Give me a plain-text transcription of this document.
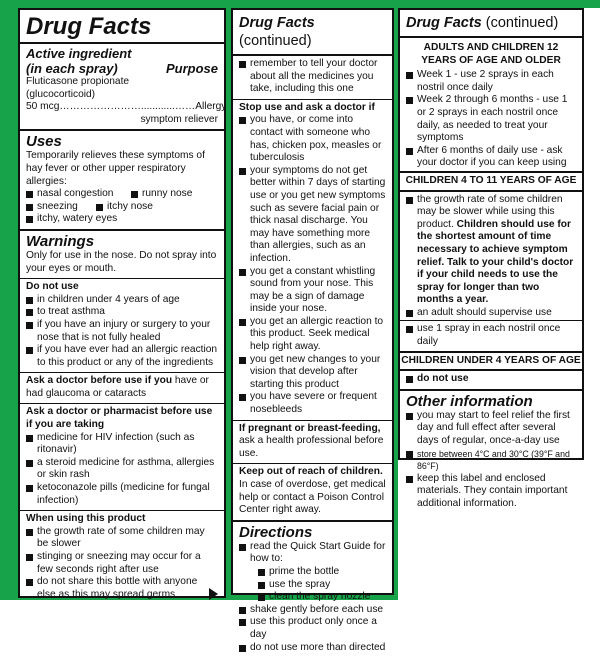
Drug Facts
Active ingredient
(in each spray)	Purpose
Fluticasone propionate
(glucocorticoid)
50 mcg……………………............……Allergy
symptom reliever
Uses
Temporarily relieves these symptoms of hay fever or other upper respiratory allergies:
nasal congestion	runny nose
sneezing	itchy nose
itchy, watery eyes
Warnings
Only for use in the nose. Do not spray into your eyes or mouth.
Do not use
in children under 4 years of age
to treat asthma
if you have an injury or surgery to your nose that is not fully healed
if you have ever had an allergic reaction to this product or any of the ingredients
Ask a doctor before use if you have or had glaucoma or cataracts
Ask a doctor or pharmacist before use if you are taking
medicine for HIV infection (such as ritonavir)
a steroid medicine for asthma, allergies or skin rash
ketoconazole pills (medicine for fungal infection)
When using this product
the growth rate of some children may be slower
stinging or sneezing may occur for a few seconds right after use
do not share this bottle with anyone else as this may spread germs
Drug Facts (continued)
remember to tell your doctor about all the medicines you take, including this one
Stop use and ask a doctor if
you have, or come into contact with someone who has, chicken pox, measles or tuberculosis
your symptoms do not get better within 7 days of starting use or you get new symptoms such as severe facial pain or thick nasal discharge. You may have something more than allergies, such as an infection.
you get a constant whistling sound from your nose. This may be a sign of damage inside your nose.
you get an allergic reaction to this product. Seek medical help right away.
you get new changes to your vision that develop after starting this product
you have severe or frequent nosebleeds
If pregnant or breast-feeding, ask a health professional before use.
Keep out of reach of children. In case of overdose, get medical help or contact a Poison Control Center right away.
Directions
read the Quick Start Guide for how to:
prime the bottle
use the spray
clean the spray nozzle
shake gently before each use
use this product only once a day
do not use more than directed
Drug Facts (continued)
ADULTS AND CHILDREN 12 YEARS OF AGE AND OLDER
Week 1 - use 2 sprays in each nostril once daily
Week 2 through 6 months - use 1 or 2 sprays in each nostril once daily, as needed to treat your symptoms
After 6 months of daily use - ask your doctor if you can keep using
CHILDREN 4 TO 11 YEARS OF AGE
the growth rate of some children may be slower while using this product. Children should use for the shortest amount of time necessary to achieve symptom relief. Talk to your child's doctor if your child needs to use the spray for longer than two months a year.
an adult should supervise use
use 1 spray in each nostril once daily
CHILDREN UNDER 4 YEARS OF AGE
do not use
Other information
you may start to feel relief the first day and full effect after several days of regular, once-a-day use
store between 4°C and 30°C (39°F and 86°F)
keep this label and enclosed materials. They contain important additional information.
